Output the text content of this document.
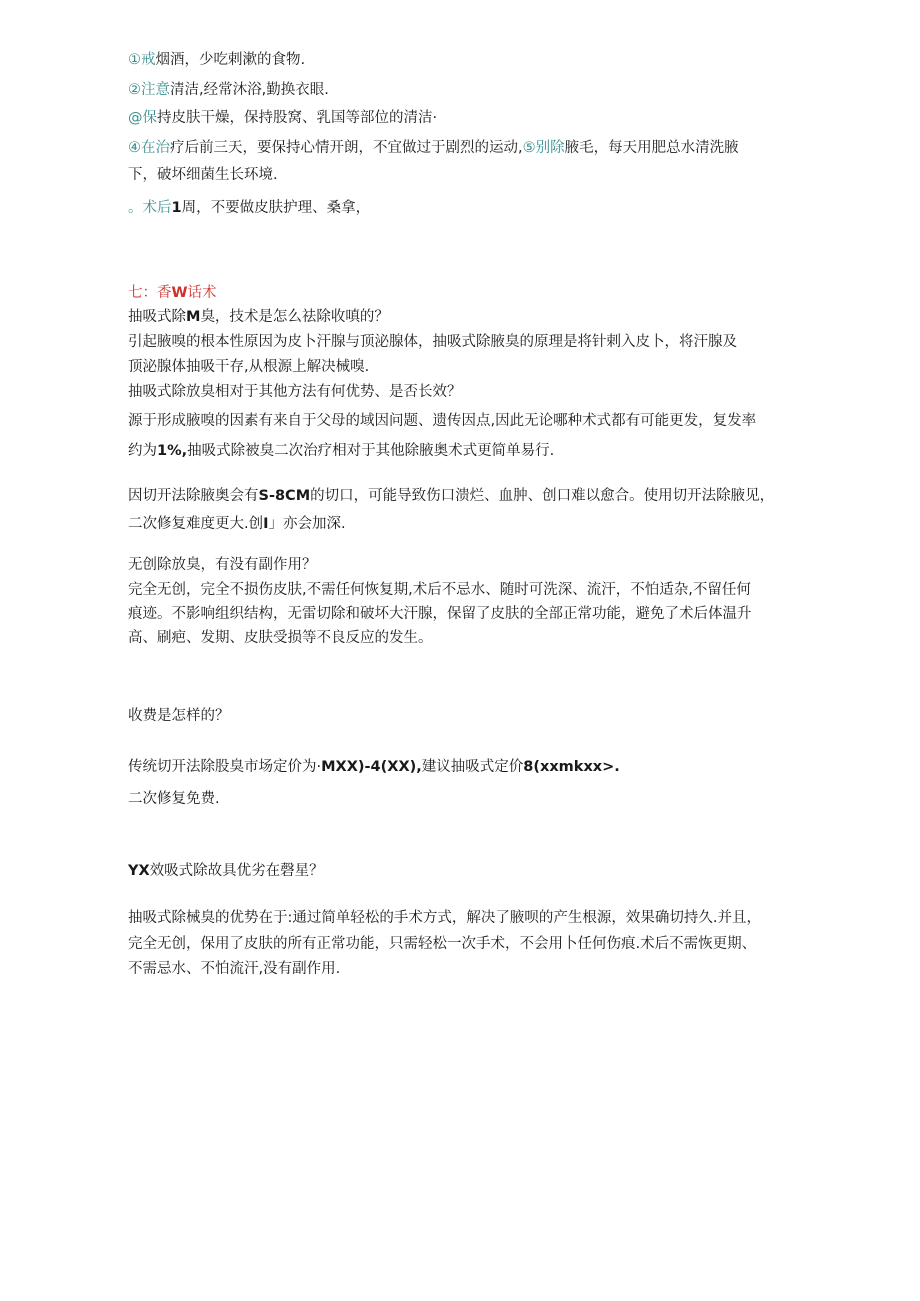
①戒烟酒，少吃剌漱的食物.
②注意清洁,经常沐浴,勤换衣眼.
@保持皮肤干燥，保持股窝、乳国等部位的清洁·
④在治疗后前三天，要保持心情开朗，不宜做过于剧烈的运动,⑤别除腋毛，每天用肥总水清洗腋
下，破坏细菌生长环境.
。术后1周，不要做皮肤护理、桑拿，
七：香W话术
抽吸式除M臭，技术是怎么祛除收嗔的？
引起腋嗅的根本性原因为皮卜汗腺与顶泌腺体，抽吸式除腋臭的原理是将针剌入皮卜，将汗腺及
顶泌腺体抽吸干存,从根源上解决械嗅.
抽吸式除放臭相对于其他方法有何优势、是否长效？
源于形成腋嗅的因素有来自于父母的域因问题、遗传因点,因此无论哪种术式都有可能更发，复发率
约为1%,抽吸式除被臭二次治疗相对于其他除腋奥术式更简单易行.
因切开法除腋奥会有S-8CM的切口，可能导致伤口溃烂、血肿、创口难以愈合。使用切开法除腋见，
二次修复难度更大.创I」亦会加深.
无创除放臭，有没有副作用？
完全无创，完全不损伤皮肤,不需任何恢复期,术后不忌水、随时可洗深、流汗，不怕适杂,不留任何
痕迹。不影响组织结构，无雷切除和破坏大汗腺，保留了皮肤的全部正常功能，避免了术后体温升
高、刷疤、发期、皮肤受损等不良反应的发生。
收费是怎样的？
传统切开法除股臭市场定价为·MXX)-4(XX),建议抽吸式定价8(xxmkxx>.
二次修复免费.
YX效吸式除故具优劣在磬星？
抽吸式除械臭的优势在于:通过简单轻松的手术方式，解决了腋呗的产生根源，效果确切持久.并且，
完全无创，保用了皮肤的所有正常功能，只需轻松一次手术，不会用卜任何伤痕.术后不需恢更期、
不需忌水、不怕流汗,没有副作用.
